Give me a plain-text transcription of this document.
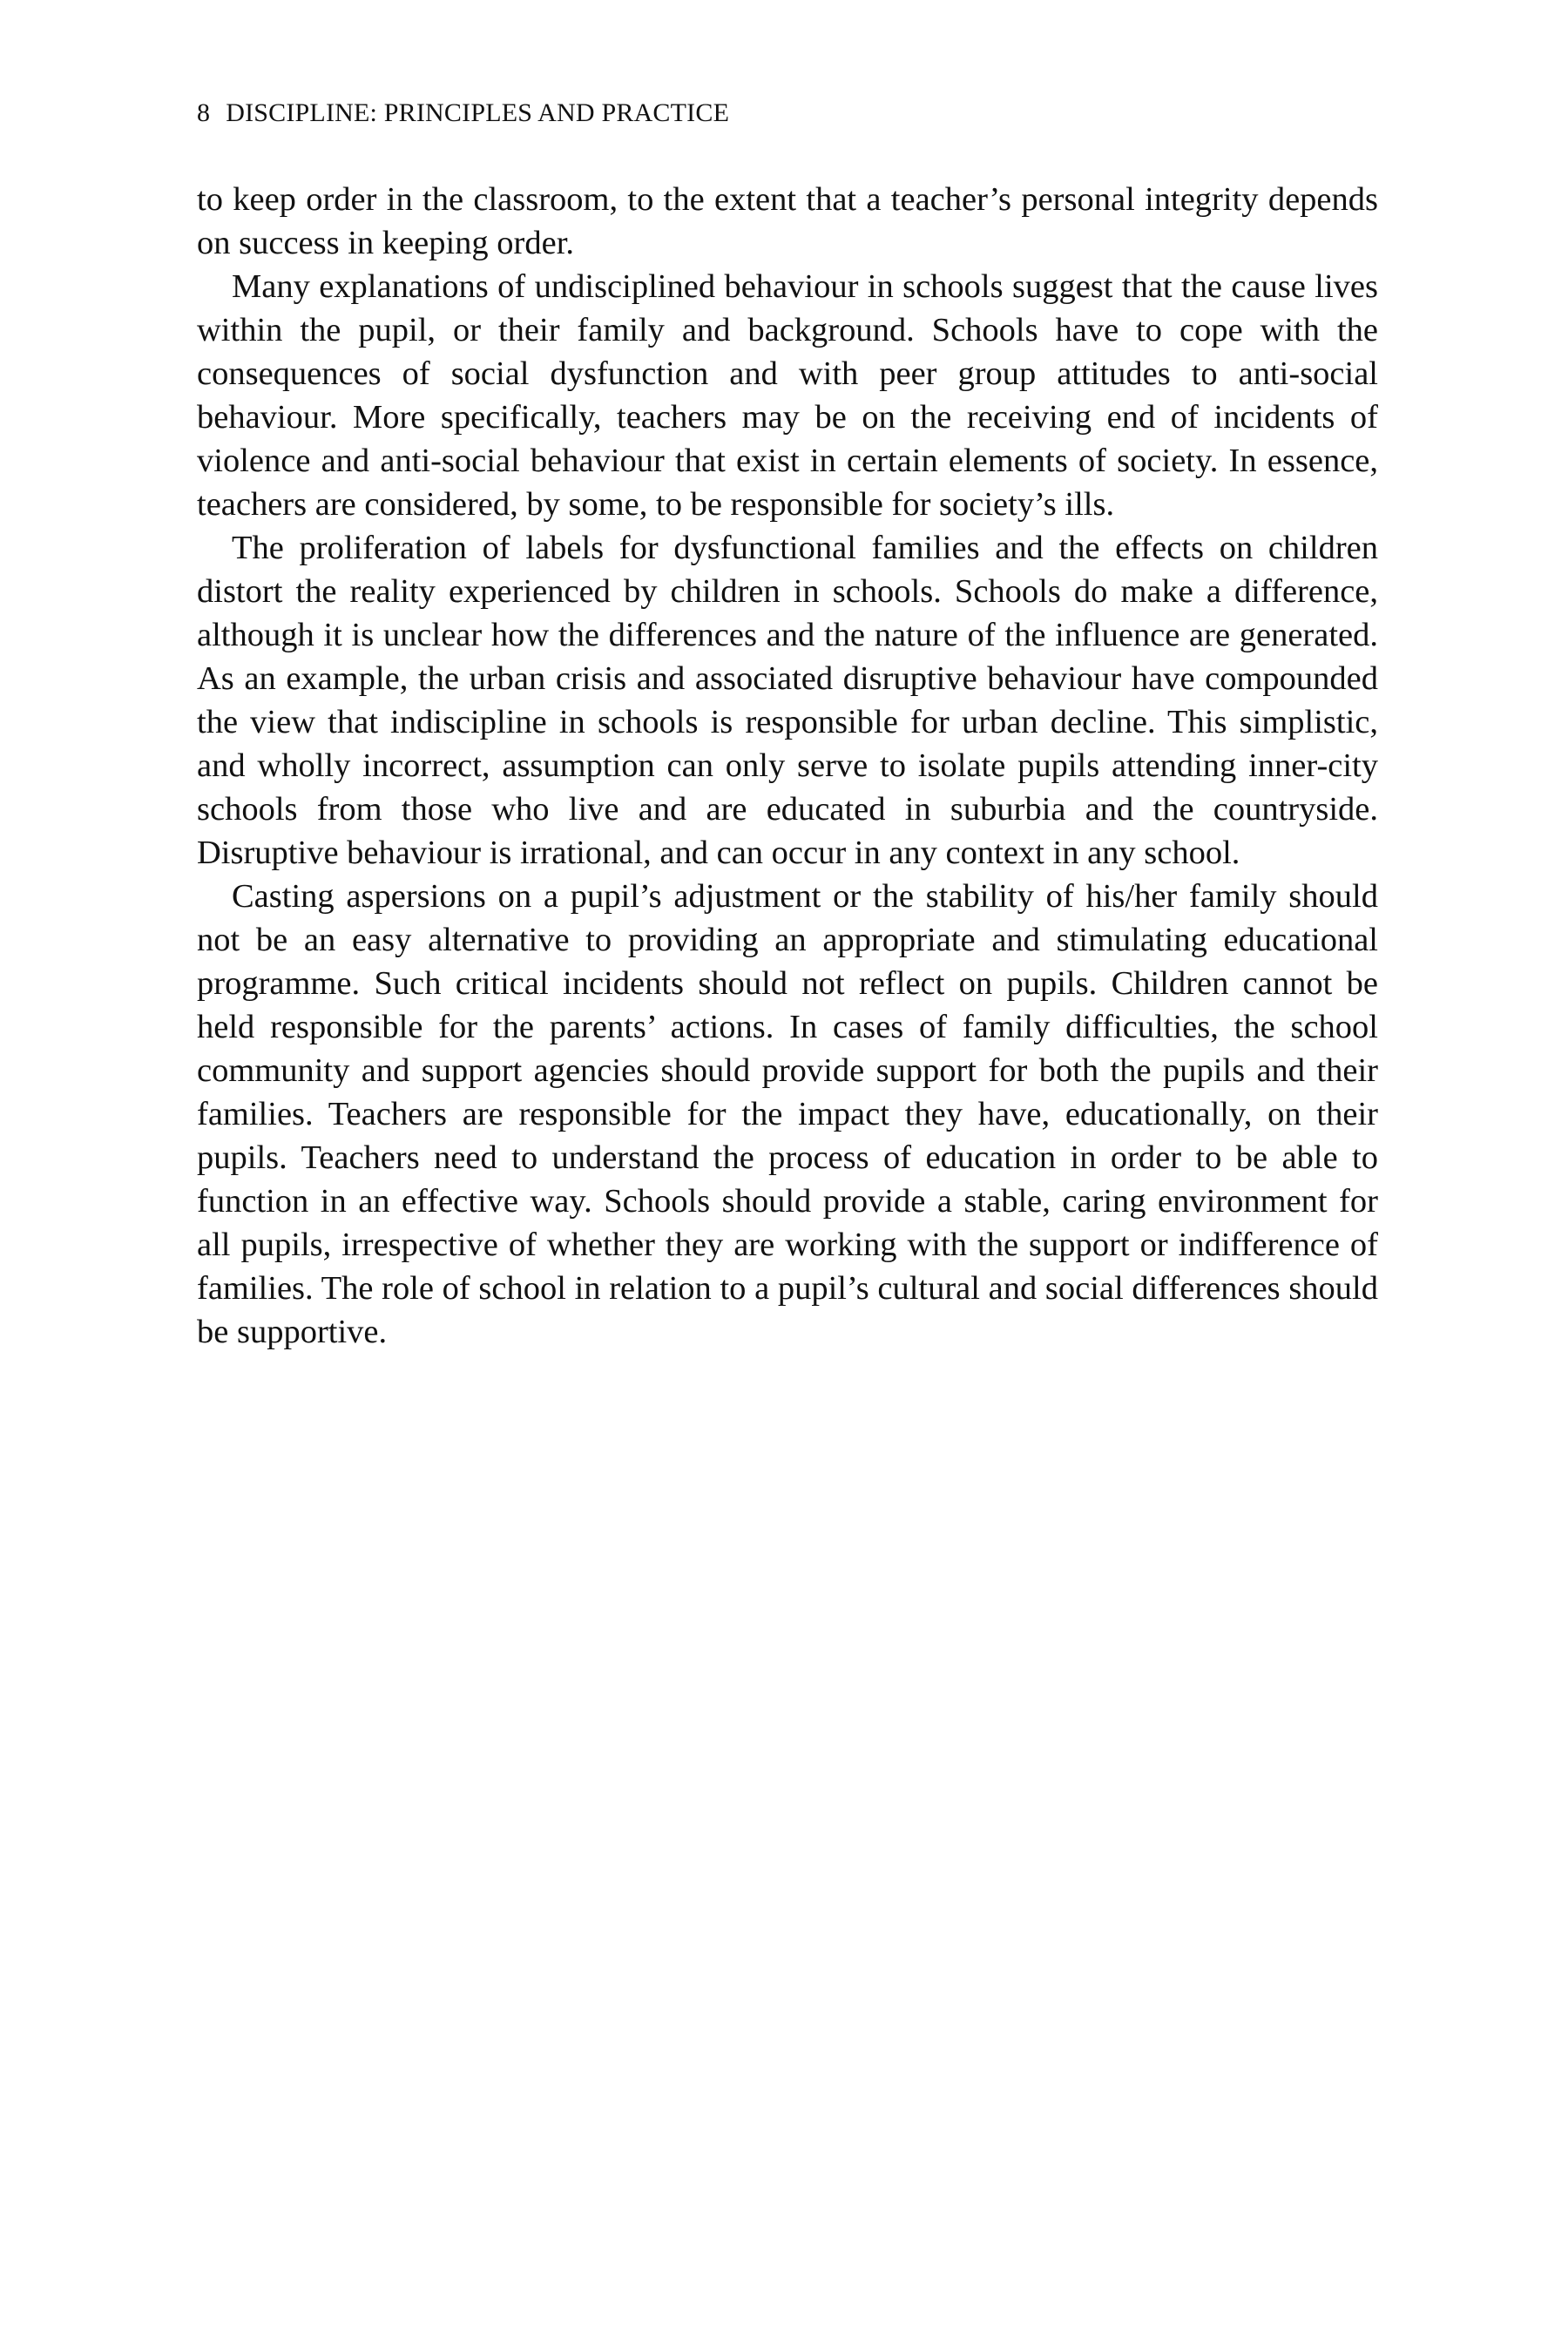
8 DISCIPLINE: PRINCIPLES AND PRACTICE

to keep order in the classroom, to the extent that a teacher’s personal integrity depends on success in keeping order.

Many explanations of undisciplined behaviour in schools suggest that the cause lives within the pupil, or their family and background. Schools have to cope with the consequences of social dysfunction and with peer group attitudes to anti-social behaviour. More specifically, teachers may be on the receiving end of incidents of violence and anti-social behaviour that exist in certain elements of society. In essence, teachers are considered, by some, to be responsible for society’s ills.

The proliferation of labels for dysfunctional families and the effects on children distort the reality experienced by children in schools. Schools do make a difference, although it is unclear how the differences and the nature of the influence are generated. As an example, the urban crisis and associated disruptive behaviour have compounded the view that indiscipline in schools is responsible for urban decline. This simplistic, and wholly incorrect, assumption can only serve to isolate pupils attending inner-city schools from those who live and are educated in suburbia and the countryside. Disruptive behaviour is irrational, and can occur in any context in any school.

Casting aspersions on a pupil’s adjustment or the stability of his/her family should not be an easy alternative to providing an appropriate and stimulating educational programme. Such critical incidents should not reflect on pupils. Children cannot be held responsible for the parents’ actions. In cases of family difficulties, the school community and support agencies should provide support for both the pupils and their families. Teachers are responsible for the impact they have, educationally, on their pupils. Teachers need to understand the process of education in order to be able to function in an effective way. Schools should provide a stable, caring environment for all pupils, irrespective of whether they are working with the support or indifference of families. The role of school in relation to a pupil’s cultural and social differences should be supportive.
